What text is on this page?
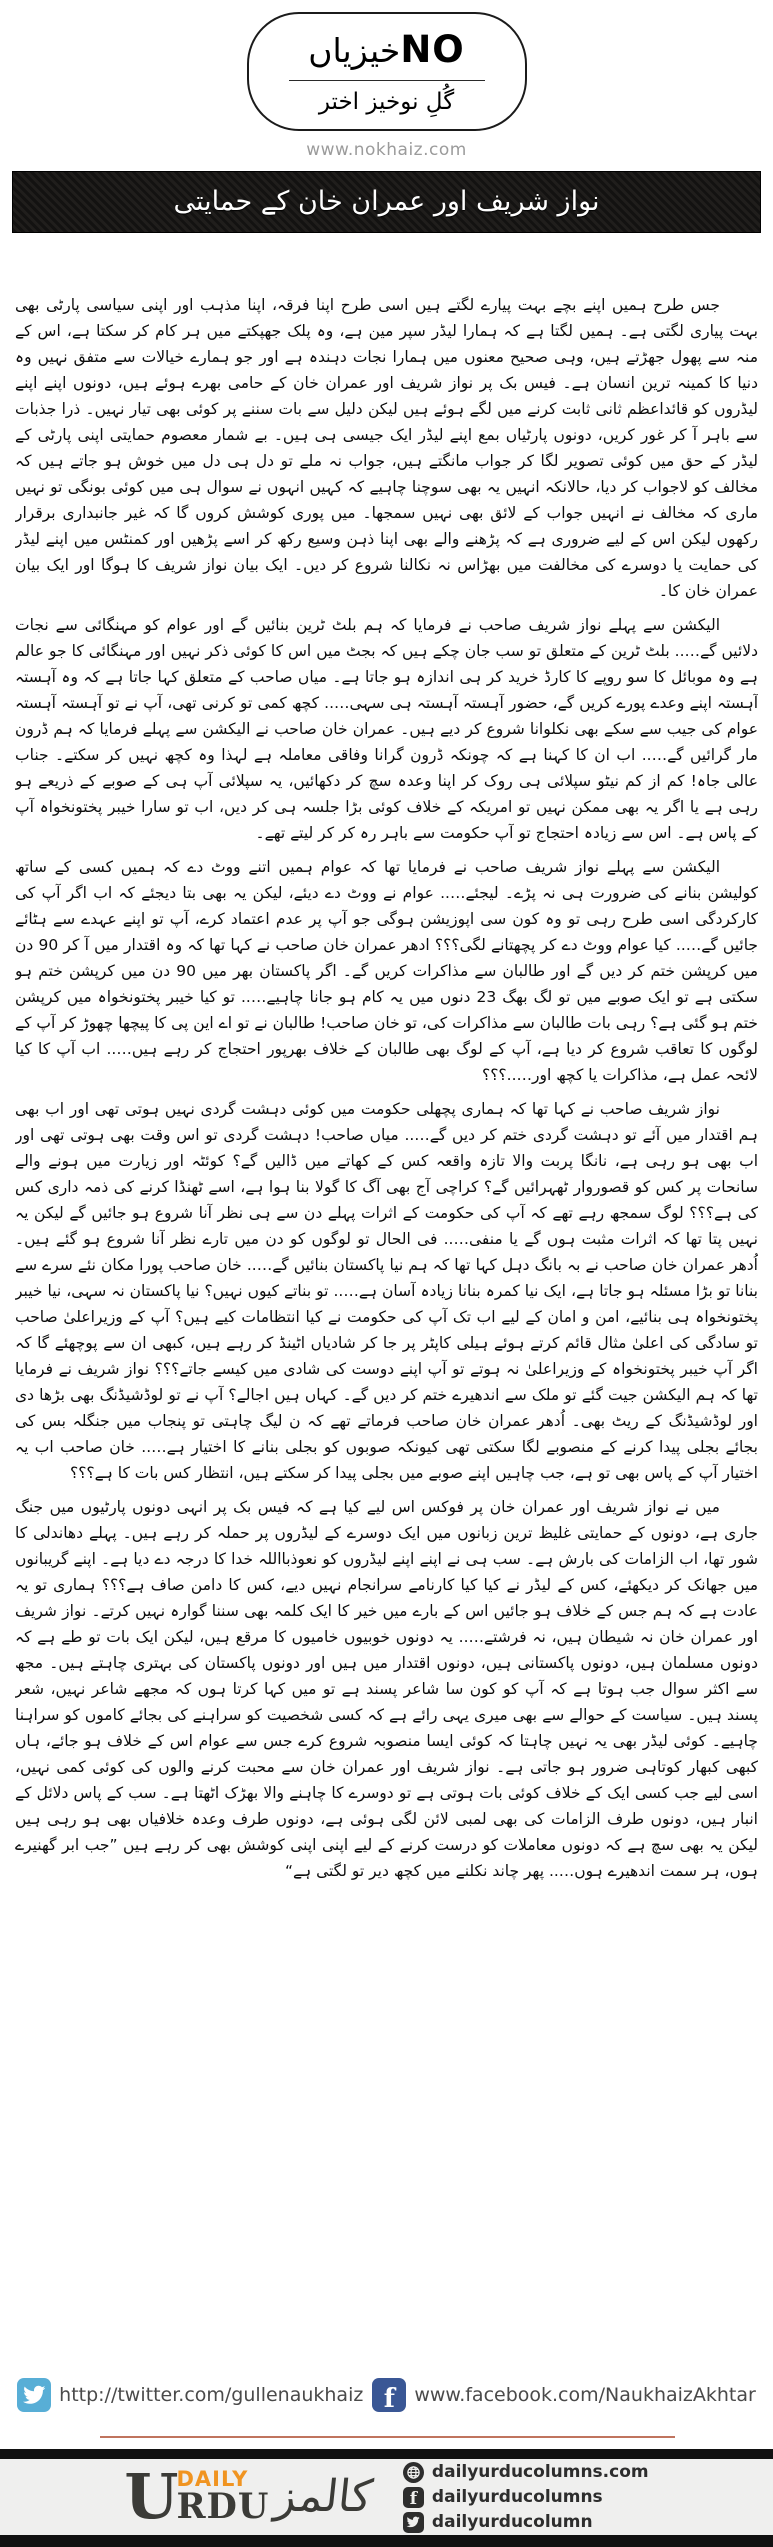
NOخیزیاں
گُلِ نوخیز اختر
www.nokhaiz.com
نواز شریف اور عمران خان کے حمایتی

جس طرح ہمیں اپنے بچے بہت پیارے لگتے ہیں اسی طرح اپنا فرقہ، اپنا مذہب اور اپنی سیاسی پارٹی بھی بہت پیاری لگتی ہے۔ ہمیں لگتا ہے کہ ہمارا لیڈر سپر مین ہے، وہ پلک جھپکتے میں ہر کام کر سکتا ہے، اس کے منہ سے پھول جھڑتے ہیں، وہی صحیح معنوں میں ہمارا نجات دہندہ ہے اور جو ہمارے خیالات سے متفق نہیں وہ دنیا کا کمینہ ترین انسان ہے۔ فیس بک پر نواز شریف اور عمران خان کے حامی بھرے ہوئے ہیں، دونوں اپنے اپنے لیڈروں کو قائداعظم ثانی ثابت کرنے میں لگے ہوئے ہیں لیکن دلیل سے بات سننے پر کوئی بھی تیار نہیں۔ ذرا جذبات سے باہر آ کر غور کریں، دونوں پارٹیاں بمع اپنے لیڈر ایک جیسی ہی ہیں۔ بے شمار معصوم حمایتی اپنی پارٹی کے لیڈر کے حق میں کوئی تصویر لگا کر جواب مانگتے ہیں، جواب نہ ملے تو دل ہی دل میں خوش ہو جاتے ہیں کہ مخالف کو لاجواب کر دیا، حالانکہ انہیں یہ بھی سوچنا چاہیے کہ کہیں انہوں نے سوال ہی میں کوئی بونگی تو نہیں ماری کہ مخالف نے انہیں جواب کے لائق بھی نہیں سمجھا۔ میں پوری کوشش کروں گا کہ غیر جانبداری برقرار رکھوں لیکن اس کے لیے ضروری ہے کہ پڑھنے والے بھی اپنا ذہن وسیع رکھ کر اسے پڑھیں اور کمنٹس میں اپنے لیڈر کی حمایت یا دوسرے کی مخالفت میں بھڑاس نہ نکالنا شروع کر دیں۔ ایک بیان نواز شریف کا ہوگا اور ایک بیان عمران خان کا۔

الیکشن سے پہلے نواز شریف صاحب نے فرمایا کہ ہم بلٹ ٹرین بنائیں گے اور عوام کو مہنگائی سے نجات دلائیں گے….. بلٹ ٹرین کے متعلق تو سب جان چکے ہیں کہ بجٹ میں اس کا کوئی ذکر نہیں اور مہنگائی کا جو عالم ہے وہ موبائل کا سو روپے کا کارڈ خرید کر ہی اندازہ ہو جاتا ہے۔ میاں صاحب کے متعلق کہا جاتا ہے کہ وہ آہستہ آہستہ اپنے وعدے پورے کریں گے، حضور آہستہ آہستہ ہی سہی….. کچھ کمی تو کرنی تھی، آپ نے تو آہستہ آہستہ عوام کی جیب سے سکے بھی نکلوانا شروع کر دیے ہیں۔ عمران خان صاحب نے الیکشن سے پہلے فرمایا کہ ہم ڈرون مار گرائیں گے….. اب ان کا کہنا ہے کہ چونکہ ڈرون گرانا وفاقی معاملہ ہے لہذا وہ کچھ نہیں کر سکتے۔ جناب عالی جاہ! کم از کم نیٹو سپلائی ہی روک کر اپنا وعدہ سچ کر دکھائیں، یہ سپلائی آپ ہی کے صوبے کے ذریعے ہو رہی ہے یا اگر یہ بھی ممکن نہیں تو امریکہ کے خلاف کوئی بڑا جلسہ ہی کر دیں، اب تو سارا خیبر پختونخواہ آپ کے پاس ہے۔ اس سے زیادہ احتجاج تو آپ حکومت سے باہر رہ کر کر لیتے تھے۔

الیکشن سے پہلے نواز شریف صاحب نے فرمایا تھا کہ عوام ہمیں اتنے ووٹ دے کہ ہمیں کسی کے ساتھ کولیشن بنانے کی ضرورت ہی نہ پڑے۔ لیجئے….. عوام نے ووٹ دے دیئے، لیکن یہ بھی بتا دیجئے کہ اب اگر آپ کی کارکردگی اسی طرح رہی تو وہ کون سی اپوزیشن ہوگی جو آپ پر عدم اعتماد کرے، آپ تو اپنے عہدے سے ہٹائے جائیں گے….. کیا عوام ووٹ دے کر پچھتانے لگی؟؟؟ ادھر عمران خان صاحب نے کہا تھا کہ وہ اقتدار میں آ کر 90 دن میں کرپشن ختم کر دیں گے اور طالبان سے مذاکرات کریں گے۔ اگر پاکستان بھر میں 90 دن میں کرپشن ختم ہو سکتی ہے تو ایک صوبے میں تو لگ بھگ 23 دنوں میں یہ کام ہو جانا چاہیے….. تو کیا خیبر پختونخواہ میں کرپشن ختم ہو گئی ہے؟ رہی بات طالبان سے مذاکرات کی، تو خان صاحب! طالبان نے تو اے این پی کا پیچھا چھوڑ کر آپ کے لوگوں کا تعاقب شروع کر دیا ہے، آپ کے لوگ بھی طالبان کے خلاف بھرپور احتجاج کر رہے ہیں….. اب آپ کا کیا لائحہ عمل ہے، مذاکرات یا کچھ اور…..؟؟؟

نواز شریف صاحب نے کہا تھا کہ ہماری پچھلی حکومت میں کوئی دہشت گردی نہیں ہوتی تھی اور اب بھی ہم اقتدار میں آئے تو دہشت گردی ختم کر دیں گے….. میاں صاحب! دہشت گردی تو اس وقت بھی ہوتی تھی اور اب بھی ہو رہی ہے، نانگا پربت والا تازہ واقعہ کس کے کھاتے میں ڈالیں گے؟ کوئٹہ اور زیارت میں ہونے والے سانحات پر کس کو قصوروار ٹھہرائیں گے؟ کراچی آج بھی آگ کا گولا بنا ہوا ہے، اسے ٹھنڈا کرنے کی ذمہ داری کس کی ہے؟؟؟ لوگ سمجھ رہے تھے کہ آپ کی حکومت کے اثرات پہلے دن سے ہی نظر آنا شروع ہو جائیں گے لیکن یہ نہیں پتا تھا کہ اثرات مثبت ہوں گے یا منفی….. فی الحال تو لوگوں کو دن میں تارے نظر آنا شروع ہو گئے ہیں۔ اُدھر عمران خان صاحب نے بہ بانگ دہل کہا تھا کہ ہم نیا پاکستان بنائیں گے….. خان صاحب پورا مکان نئے سرے سے بنانا تو بڑا مسئلہ ہو جاتا ہے، ایک نیا کمرہ بنانا زیادہ آسان ہے….. تو بناتے کیوں نہیں؟ نیا پاکستان نہ سہی، نیا خیبر پختونخواہ ہی بنائیے، امن و امان کے لیے اب تک آپ کی حکومت نے کیا انتظامات کیے ہیں؟ آپ کے وزیراعلیٰ صاحب تو سادگی کی اعلیٰ مثال قائم کرتے ہوئے ہیلی کاپٹر پر جا کر شادیاں اٹینڈ کر رہے ہیں، کبھی ان سے پوچھئے گا کہ اگر آپ خیبر پختونخواہ کے وزیراعلیٰ نہ ہوتے تو آپ اپنے دوست کی شادی میں کیسے جاتے؟؟؟ نواز شریف نے فرمایا تھا کہ ہم الیکشن جیت گئے تو ملک سے اندھیرے ختم کر دیں گے۔ کہاں ہیں اجالے؟ آپ نے تو لوڈشیڈنگ بھی بڑھا دی اور لوڈشیڈنگ کے ریٹ بھی۔ اُدھر عمران خان صاحب فرماتے تھے کہ ن لیگ چاہتی تو پنجاب میں جنگلہ بس کی بجائے بجلی پیدا کرنے کے منصوبے لگا سکتی تھی کیونکہ صوبوں کو بجلی بنانے کا اختیار ہے….. خان صاحب اب یہ اختیار آپ کے پاس بھی تو ہے، جب چاہیں اپنے صوبے میں بجلی پیدا کر سکتے ہیں، انتظار کس بات کا ہے؟؟؟

میں نے نواز شریف اور عمران خان پر فوکس اس لیے کیا ہے کہ فیس بک پر انہی دونوں پارٹیوں میں جنگ جاری ہے، دونوں کے حمایتی غلیظ ترین زبانوں میں ایک دوسرے کے لیڈروں پر حملہ کر رہے ہیں۔ پہلے دھاندلی کا شور تھا، اب الزامات کی بارش ہے۔ سب ہی نے اپنے اپنے لیڈروں کو نعوذبااللہ خدا کا درجہ دے دیا ہے۔ اپنے گریبانوں میں جھانک کر دیکھئے، کس کے لیڈر نے کیا کیا کارنامے سرانجام نہیں دیے، کس کا دامن صاف ہے؟؟؟ ہماری تو یہ عادت ہے کہ ہم جس کے خلاف ہو جائیں اس کے بارے میں خیر کا ایک کلمہ بھی سننا گوارہ نہیں کرتے۔ نواز شریف اور عمران خان نہ شیطان ہیں، نہ فرشتے….. یہ دونوں خوبیوں خامیوں کا مرقع ہیں، لیکن ایک بات تو طے ہے کہ دونوں مسلمان ہیں، دونوں پاکستانی ہیں، دونوں اقتدار میں ہیں اور دونوں پاکستان کی بہتری چاہتے ہیں۔ مجھ سے اکثر سوال جب ہوتا ہے کہ آپ کو کون سا شاعر پسند ہے تو میں کہا کرتا ہوں کہ مجھے شاعر نہیں، شعر پسند ہیں۔ سیاست کے حوالے سے بھی میری یہی رائے ہے کہ کسی شخصیت کو سراہنے کی بجائے کاموں کو سراہنا چاہیے۔ کوئی لیڈر بھی یہ نہیں چاہتا کہ کوئی ایسا منصوبہ شروع کرے جس سے عوام اس کے خلاف ہو جائے، ہاں کبھی کبھار کوتاہی ضرور ہو جاتی ہے۔ نواز شریف اور عمران خان سے محبت کرنے والوں کی کوئی کمی نہیں، اسی لیے جب کسی ایک کے خلاف کوئی بات ہوتی ہے تو دوسرے کا چاہنے والا بھڑک اٹھتا ہے۔ سب کے پاس دلائل کے انبار ہیں، دونوں طرف الزامات کی بھی لمبی لائن لگی ہوئی ہے، دونوں طرف وعدہ خلافیاں بھی ہو رہی ہیں لیکن یہ بھی سچ ہے کہ دونوں معاملات کو درست کرنے کے لیے اپنی اپنی کوشش بھی کر رہے ہیں ”جب ابر گھنیرے ہوں، ہر سمت اندھیرے ہوں….. پھر چاند نکلنے میں کچھ دیر تو لگتی ہے“

http://twitter.com/gullenaukhaiz f www.facebook.com/NaukhaizAkhtar
U
DAILY
RDU کالمز	dailyurducolumns.com
f dailyurducolumns
dailyurducolumn
